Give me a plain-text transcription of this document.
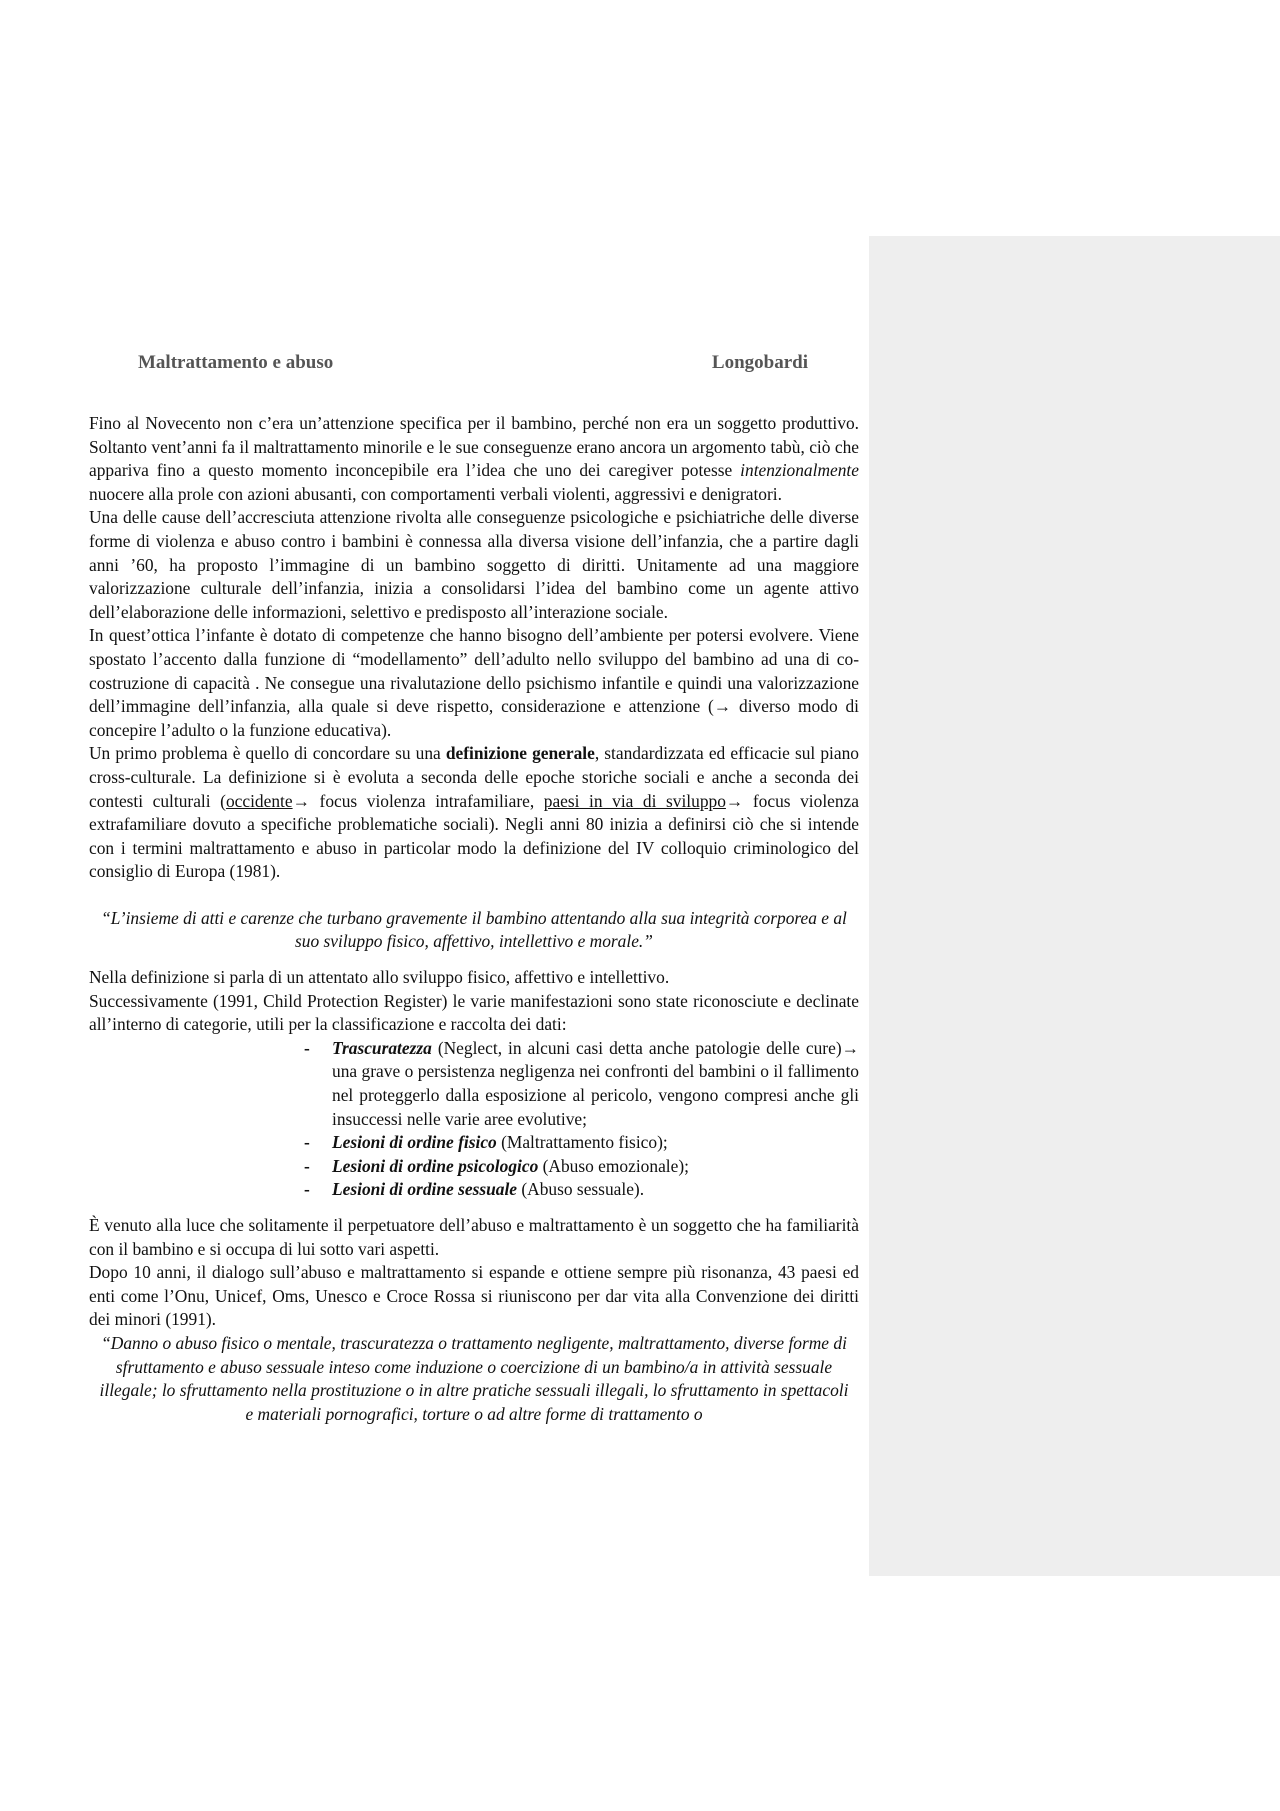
Maltrattamento e abuso	Longobardi

Fino al Novecento non c’era un’attenzione specifica per il bambino, perché non era un soggetto produttivo. Soltanto vent’anni fa il maltrattamento minorile e le sue conseguenze erano ancora un argomento tabù, ciò che appariva fino a questo momento inconcepibile era l’idea che uno dei caregiver potesse intenzionalmente nuocere alla prole con azioni abusanti, con comportamenti verbali violenti, aggressivi e denigratori.

Una delle cause dell’accresciuta attenzione rivolta alle conseguenze psicologiche e psichiatriche delle diverse forme di violenza e abuso contro i bambini è connessa alla diversa visione dell’infanzia, che a partire dagli anni ’60, ha proposto l’immagine di un bambino soggetto di diritti. Unitamente ad una maggiore valorizzazione culturale dell’infanzia, inizia a consolidarsi l’idea del bambino come un agente attivo dell’elaborazione delle informazioni, selettivo e predisposto all’interazione sociale.

In quest’ottica l’infante è dotato di competenze che hanno bisogno dell’ambiente per potersi evolvere. Viene spostato l’accento dalla funzione di “modellamento” dell’adulto nello sviluppo del bambino ad una di co-costruzione di capacità . Ne consegue una rivalutazione dello psichismo infantile e quindi una valorizzazione dell’immagine dell’infanzia, alla quale si deve rispetto, considerazione e attenzione (→ diverso modo di concepire l’adulto o la funzione educativa).

Un primo problema è quello di concordare su una definizione generale, standardizzata ed efficacie sul piano cross-culturale. La definizione si è evoluta a seconda delle epoche storiche sociali e anche a seconda dei contesti culturali (occidente→ focus violenza intrafamiliare, paesi in via di sviluppo→ focus violenza extrafamiliare dovuto a specifiche problematiche sociali). Negli anni 80 inizia a definirsi ciò che si intende con i termini maltrattamento e abuso in particolar modo la definizione del IV colloquio criminologico del consiglio di Europa (1981).

“L’insieme di atti e carenze che turbano gravemente il bambino attentando alla sua integrità corporea e al suo sviluppo fisico, affettivo, intellettivo e morale.”

Nella definizione si parla di un attentato allo sviluppo fisico, affettivo e intellettivo.

Successivamente (1991, Child Protection Register) le varie manifestazioni sono state riconosciute e declinate all’interno di categorie, utili per la classificazione e raccolta dei dati:

- Trascuratezza (Neglect, in alcuni casi detta anche patologie delle cure)→ una grave o persistenza negligenza nei confronti del bambini o il fallimento nel proteggerlo dalla esposizione al pericolo, vengono compresi anche gli insuccessi nelle varie aree evolutive;
- Lesioni di ordine fisico (Maltrattamento fisico);
- Lesioni di ordine psicologico (Abuso emozionale);
- Lesioni di ordine sessuale (Abuso sessuale).

È venuto alla luce che solitamente il perpetuatore dell’abuso e maltrattamento è un soggetto che ha familiarità con il bambino e si occupa di lui sotto vari aspetti.

Dopo 10 anni, il dialogo sull’abuso e maltrattamento si espande e ottiene sempre più risonanza, 43 paesi ed enti come l’Onu, Unicef, Oms, Unesco e Croce Rossa si riuniscono per dar vita alla Convenzione dei diritti dei minori (1991).

“Danno o abuso fisico o mentale, trascuratezza o trattamento negligente, maltrattamento, diverse forme di sfruttamento e abuso sessuale inteso come induzione o coercizione di un bambino/a in attività sessuale illegale; lo sfruttamento nella prostituzione o in altre pratiche sessuali illegali, lo sfruttamento in spettacoli e materiali pornografici, torture o ad altre forme di trattamento o
